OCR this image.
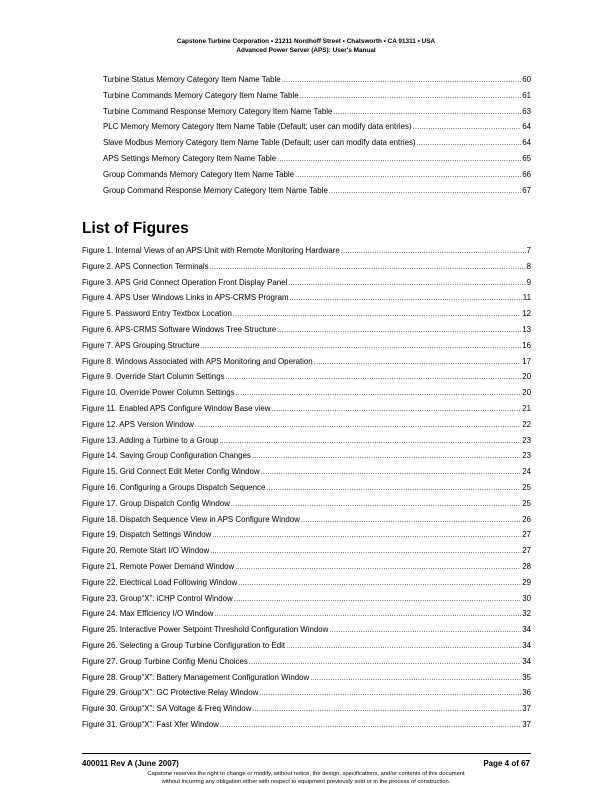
Capstone Turbine Corporation • 21211 Nordhoff Street • Chatsworth • CA 91311 • USA
Advanced Power Server (APS): User's Manual
Turbine Status Memory Category Item Name Table .....	60
Turbine Commands Memory Category Item Name Table .....	61
Turbine Command Response Memory Category Item Name Table .....	63
PLC Memory Memory Category Item Name Table (Default; user can modify data entries) .....	64
Slave Modbus Memory Category Item Name Table (Default; user can modify data entries) .....	64
APS Settings Memory Category Item Name Table .....	65
Group Commands Memory Category Item Name Table .....	66
Group Command Response Memory Category Item Name Table .....	67
List of Figures
Figure 1. Internal Views of an APS Unit with Remote Monitoring Hardware .....	7
Figure 2. APS Connection Terminals .....	8
Figure 3. APS Grid Connect Operation Front Display Panel .....	9
Figure 4. APS User Windows Links in APS-CRMS Program .....	11
Figure 5. Password Entry Textbox Location .....	12
Figure 6. APS-CRMS Software Windows Tree Structure .....	13
Figure 7. APS Grouping Structure .....	16
Figure 8. Windows Associated with APS Monitoring and Operation .....	17
Figure 9. Override Start Column Settings .....	20
Figure 10. Override Power Column Settings .....	20
Figure 11. Enabled APS Configure Window Base view .....	21
Figure 12. APS Version Window .....	22
Figure 13. Adding a Turbine to a Group .....	23
Figure 14. Saving Group Configuration Changes .....	23
Figure 15. Grid Connect Edit Meter Config Window .....	24
Figure 16. Configuring a Groups Dispatch Sequence .....	25
Figure 17. Group Dispatch Config Window .....	25
Figure 18. Dispatch Sequence View in APS Configure Window .....	26
Figure 19. Dispatch Settings Window .....	27
Figure 20. Remote Start I/O Window .....	27
Figure 21. Remote Power Demand Window .....	28
Figure 22. Electrical Load Following Window .....	29
Figure 23. Group“X”: iCHP Control Window .....	30
Figure 24. Max Efficiency I/O Window .....	32
Figure 25. Interactive Power Setpoint Threshold Configuration Window .....	34
Figure 26. Selecting a Group Turbine Configuration to Edit .....	34
Figure 27. Group Turbine Config Menu Choices .....	34
Figure 28. Group“X”: Battery Management Configuration Window .....	35
Figure 29. Group“X”: GC Protective Relay Window .....	36
Figure 30. Group“X”: SA Voltage & Freq Window .....	37
Figure 31. Group“X”: Fast Xfer Window .....	37
400011 Rev A (June 2007)	Page 4 of 67
Capstone reserves the right to change or modify, without notice, the design, specifications, and/or contents of this document
without incurring any obligation either with respect to equipment previously sold or in the process of construction.
